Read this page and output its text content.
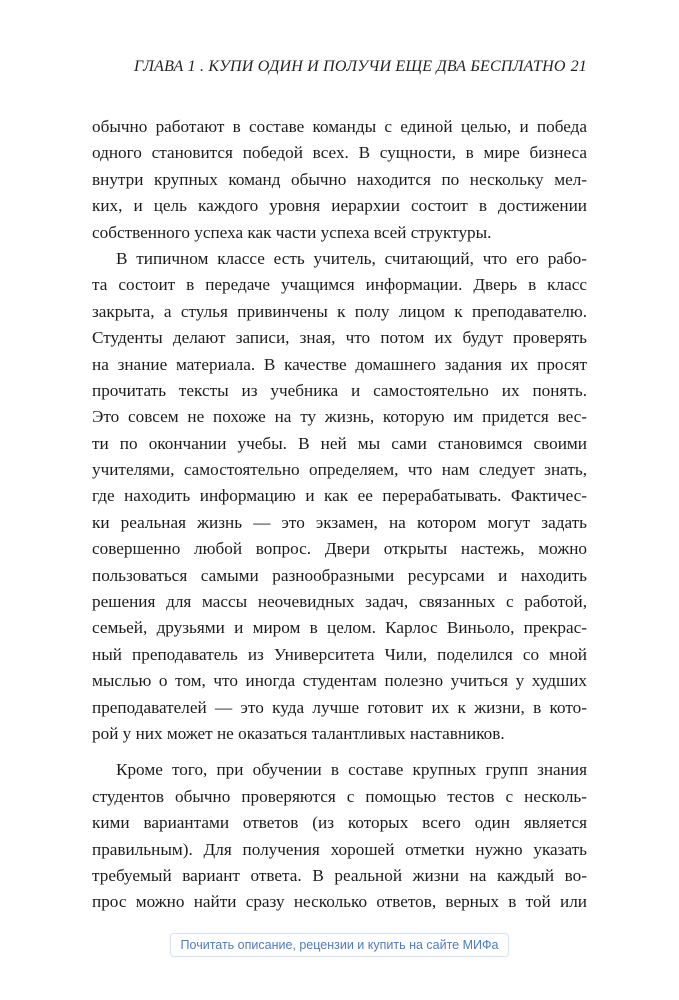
ГЛАВА 1 . КУПИ ОДИН И ПОЛУЧИ ЕЩЕ ДВА БЕСПЛАТНО 21
обычно работают в составе команды с единой целью, и победа
одного становится победой всех. В сущности, в мире бизнеса
внутри крупных команд обычно находится по нескольку мел-
ких, и цель каждого уровня иерархии состоит в достижении
собственного успеха как части успеха всей структуры.
В типичном классе есть учитель, считающий, что его рабо-
та состоит в передаче учащимся информации. Дверь в класс
закрыта, а стулья привинчены к полу лицом к преподавателю.
Студенты делают записи, зная, что потом их будут проверять
на знание материала. В качестве домашнего задания их просят
прочитать тексты из учебника и самостоятельно их понять.
Это совсем не похоже на ту жизнь, которую им придется вес-
ти по окончании учебы. В ней мы сами становимся своими
учителями, самостоятельно определяем, что нам следует знать,
где находить информацию и как ее перерабатывать. Фактичес-
ки реальная жизнь — это экзамен, на котором могут задать
совершенно любой вопрос. Двери открыты настежь, можно
пользоваться самыми разнообразными ресурсами и находить
решения для массы неочевидных задач, связанных с работой,
семьей, друзьями и миром в целом. Карлос Виньоло, прекрас-
ный преподаватель из Университета Чили, поделился со мной
мыслью о том, что иногда студентам полезно учиться у худших
преподавателей — это куда лучше готовит их к жизни, в кото-
рой у них может не оказаться талантливых наставников.
Кроме того, при обучении в составе крупных групп знания
студентов обычно проверяются с помощью тестов с несколь-
кими вариантами ответов (из которых всего один является
правильным). Для получения хорошей отметки нужно указать
требуемый вариант ответа. В реальной жизни на каждый во-
прос можно найти сразу несколько ответов, верных в той или
Почитать описание, рецензии и купить на сайте МИФа
